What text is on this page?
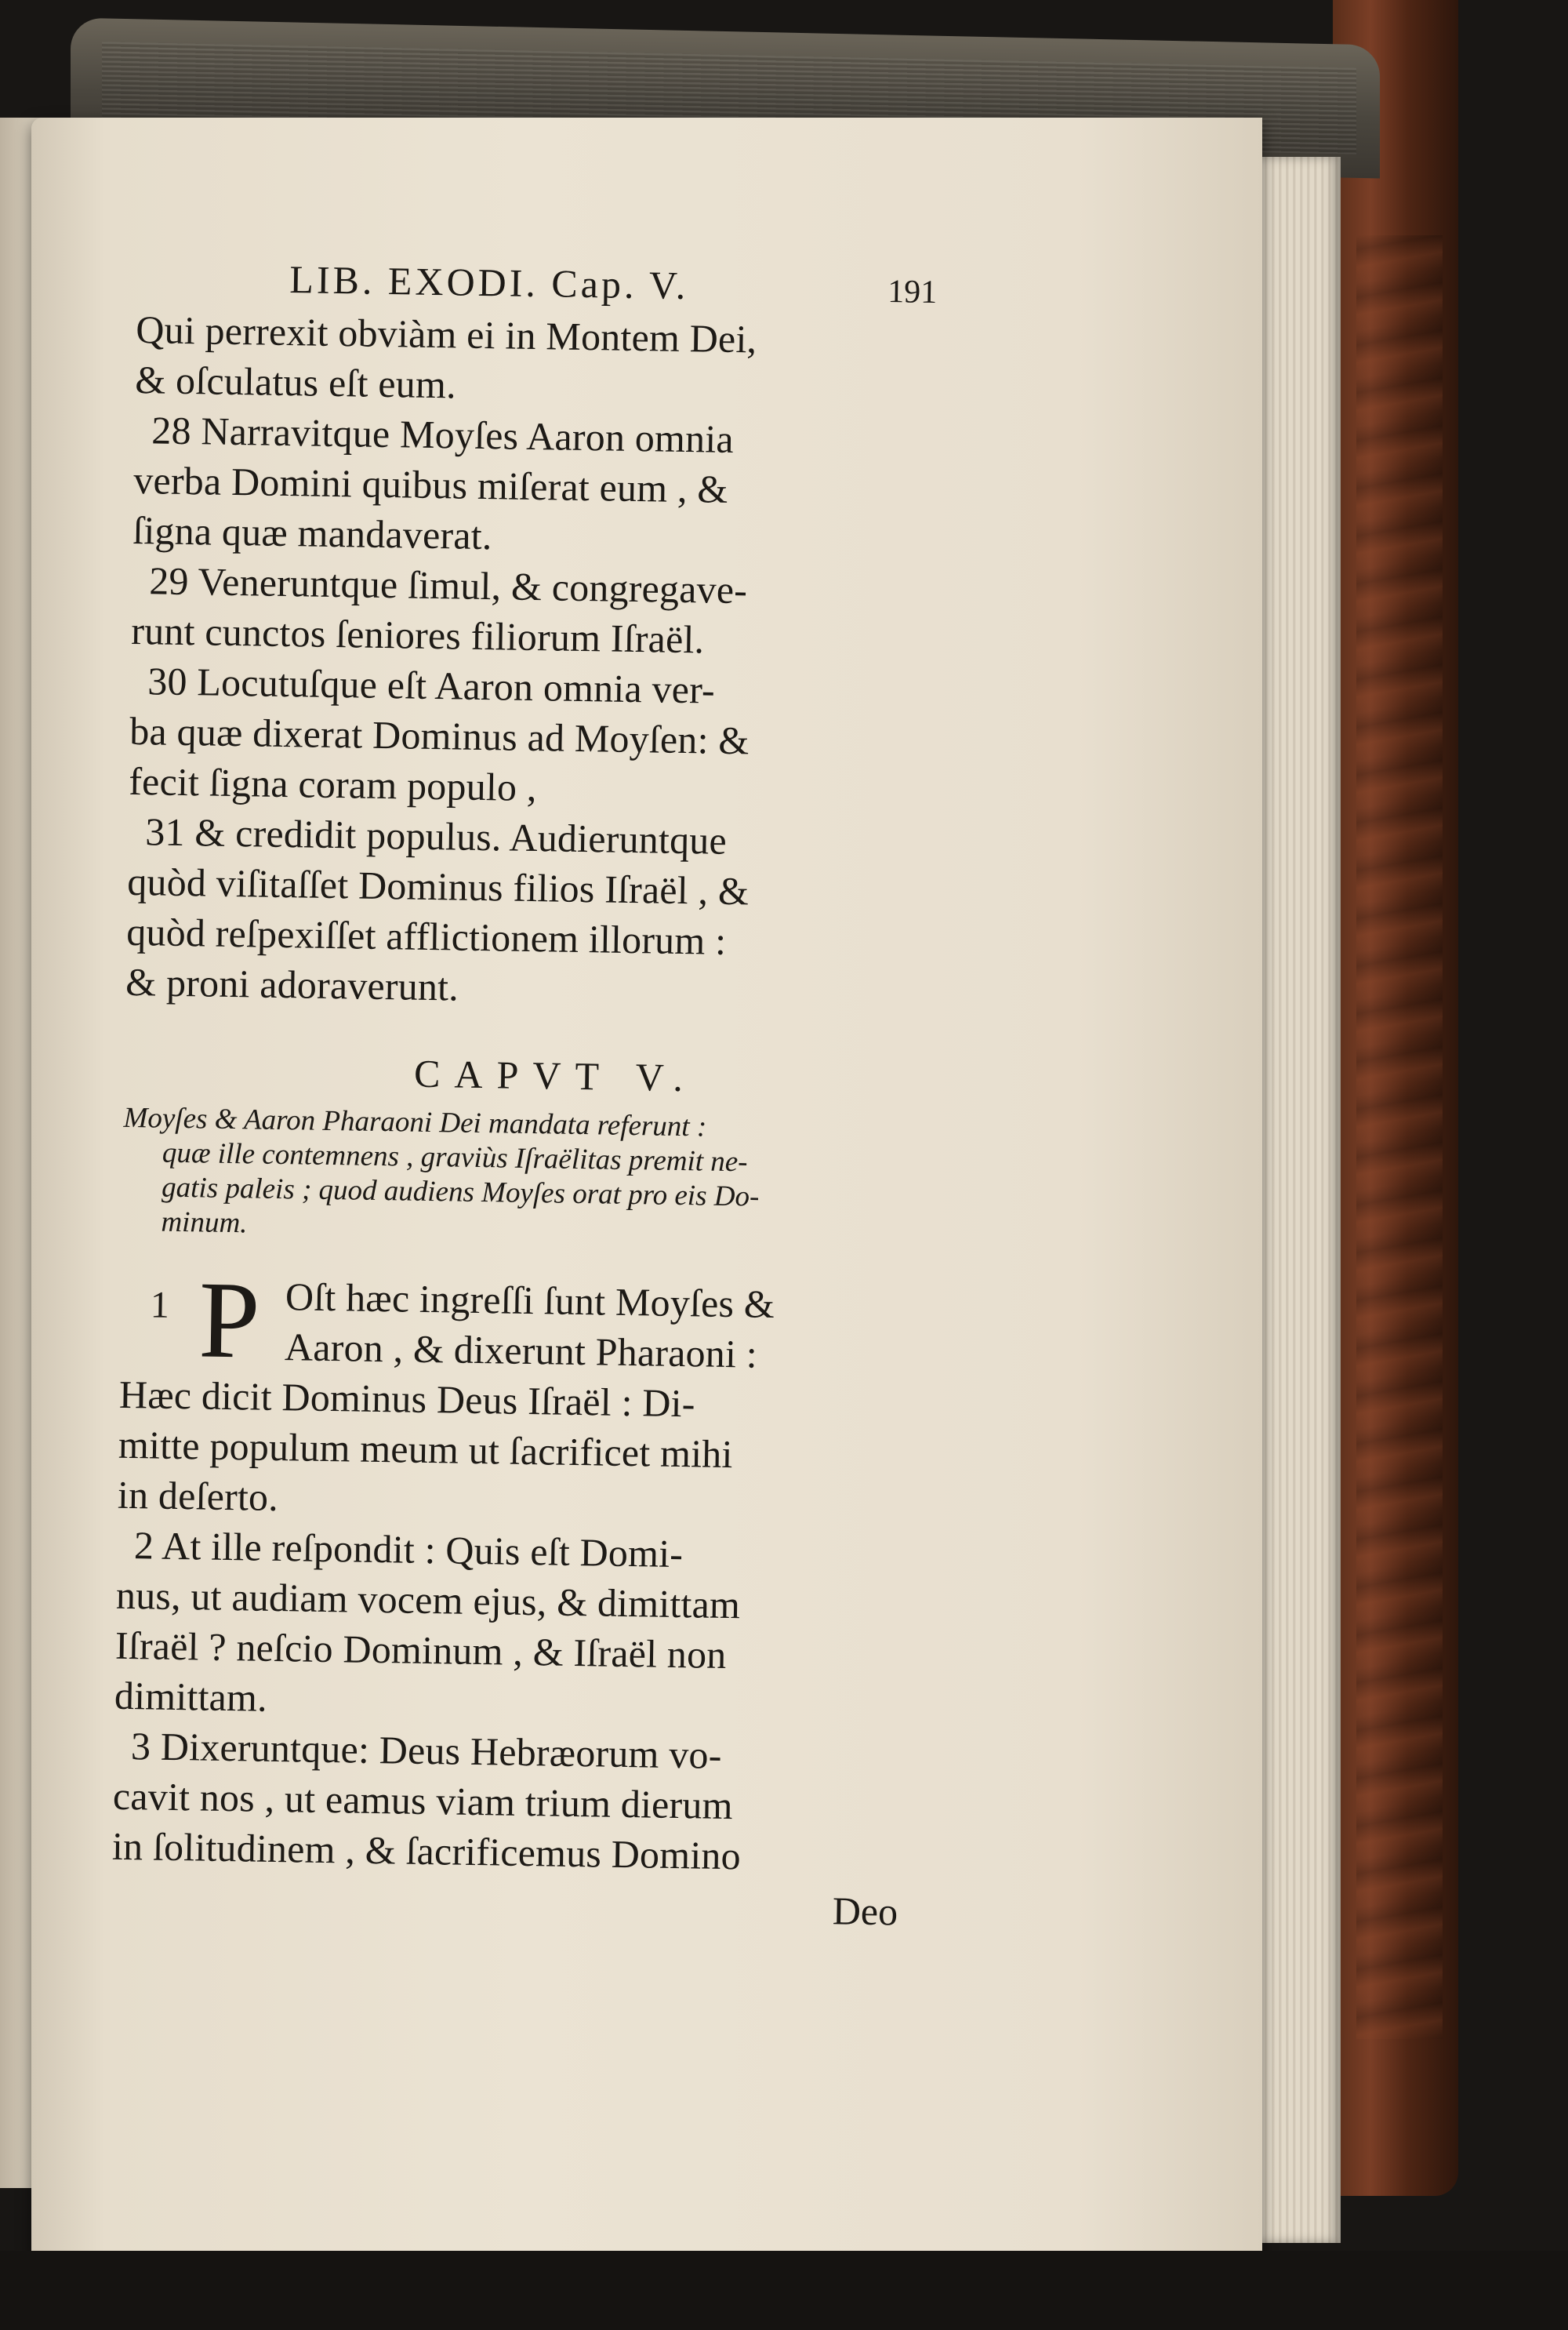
LIB. EXODI. Cap. V.	191
Qui perrexit obviàm ei in Montem Dei,
& oſculatus eſt eum.
28 Narravitque Moyſes Aaron omnia
verba Domini quibus miſerat eum , &
ſigna quæ mandaverat.
29 Veneruntque ſimul, & congregave-
runt cunctos ſeniores filiorum Iſraël.
30 Locutuſque eſt Aaron omnia ver-
ba quæ dixerat Dominus ad Moyſen: &
fecit ſigna coram populo ,
31 & credidit populus. Audieruntque
quòd viſitaſſet Dominus filios Iſraël , &
quòd reſpexiſſet afflictionem illorum :
& proni adoraverunt.
CAPVT V.
Moyſes & Aaron Pharaoni Dei mandata referunt :
quæ ille contemnens , graviùs Iſraëlitas premit ne-
gatis paleis ; quod audiens Moyſes orat pro eis Do-
minum.
1 P Oſt hæc ingreſſi ſunt Moyſes &
Aaron , & dixerunt Pharaoni :
Hæc dicit Dominus Deus Iſraël : Di-
mitte populum meum ut ſacrificet mihi
in deſerto.
2 At ille reſpondit : Quis eſt Domi-
nus, ut audiam vocem ejus, & dimittam
Iſraël ? neſcio Dominum , & Iſraël non
dimittam.
3 Dixeruntque: Deus Hebræorum vo-
cavit nos , ut eamus viam trium dierum
in ſolitudinem , & ſacrificemus Domino
Deo
